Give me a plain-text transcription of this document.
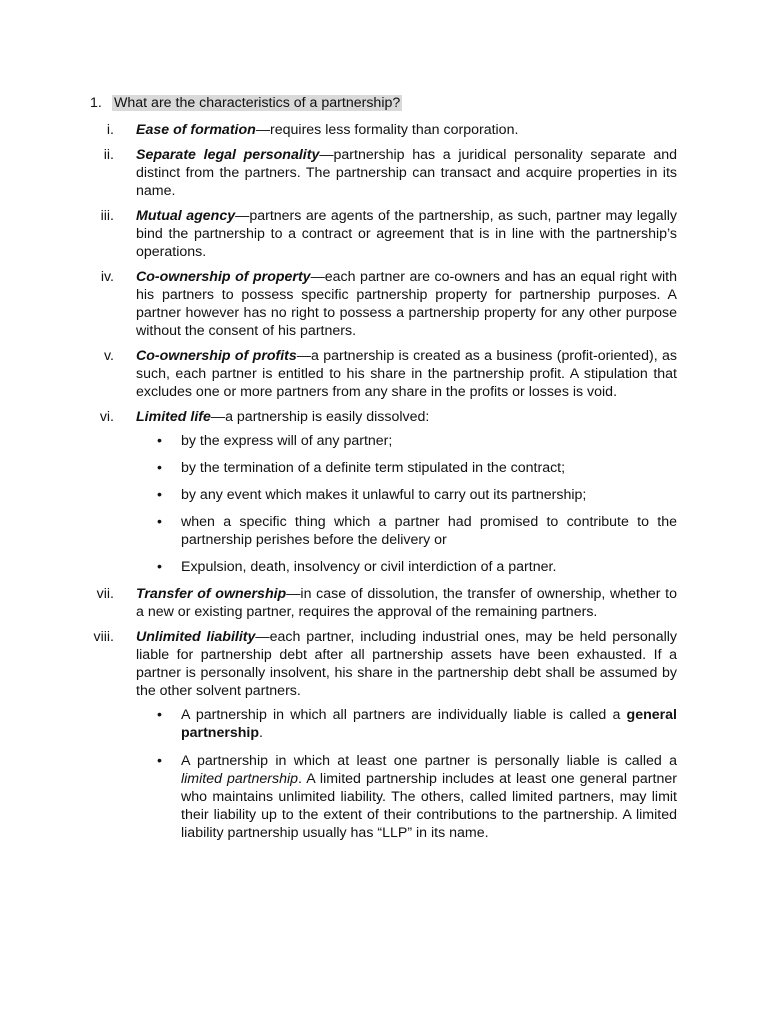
1. What are the characteristics of a partnership?
i. Ease of formation—requires less formality than corporation.
ii. Separate legal personality—partnership has a juridical personality separate and distinct from the partners. The partnership can transact and acquire properties in its name.
iii. Mutual agency—partners are agents of the partnership, as such, partner may legally bind the partnership to a contract or agreement that is in line with the partnership’s operations.
iv. Co-ownership of property—each partner are co-owners and has an equal right with his partners to possess specific partnership property for partnership purposes. A partner however has no right to possess a partnership property for any other purpose without the consent of his partners.
v. Co-ownership of profits—a partnership is created as a business (profit-oriented), as such, each partner is entitled to his share in the partnership profit. A stipulation that excludes one or more partners from any share in the profits or losses is void.
vi. Limited life—a partnership is easily dissolved:
• by the express will of any partner;
• by the termination of a definite term stipulated in the contract;
• by any event which makes it unlawful to carry out its partnership;
• when a specific thing which a partner had promised to contribute to the partnership perishes before the delivery or
• Expulsion, death, insolvency or civil interdiction of a partner.
vii. Transfer of ownership—in case of dissolution, the transfer of ownership, whether to a new or existing partner, requires the approval of the remaining partners.
viii. Unlimited liability—each partner, including industrial ones, may be held personally liable for partnership debt after all partnership assets have been exhausted. If a partner is personally insolvent, his share in the partnership debt shall be assumed by the other solvent partners.
• A partnership in which all partners are individually liable is called a general partnership.
• A partnership in which at least one partner is personally liable is called a limited partnership. A limited partnership includes at least one general partner who maintains unlimited liability. The others, called limited partners, may limit their liability up to the extent of their contributions to the partnership. A limited liability partnership usually has “LLP” in its name.
